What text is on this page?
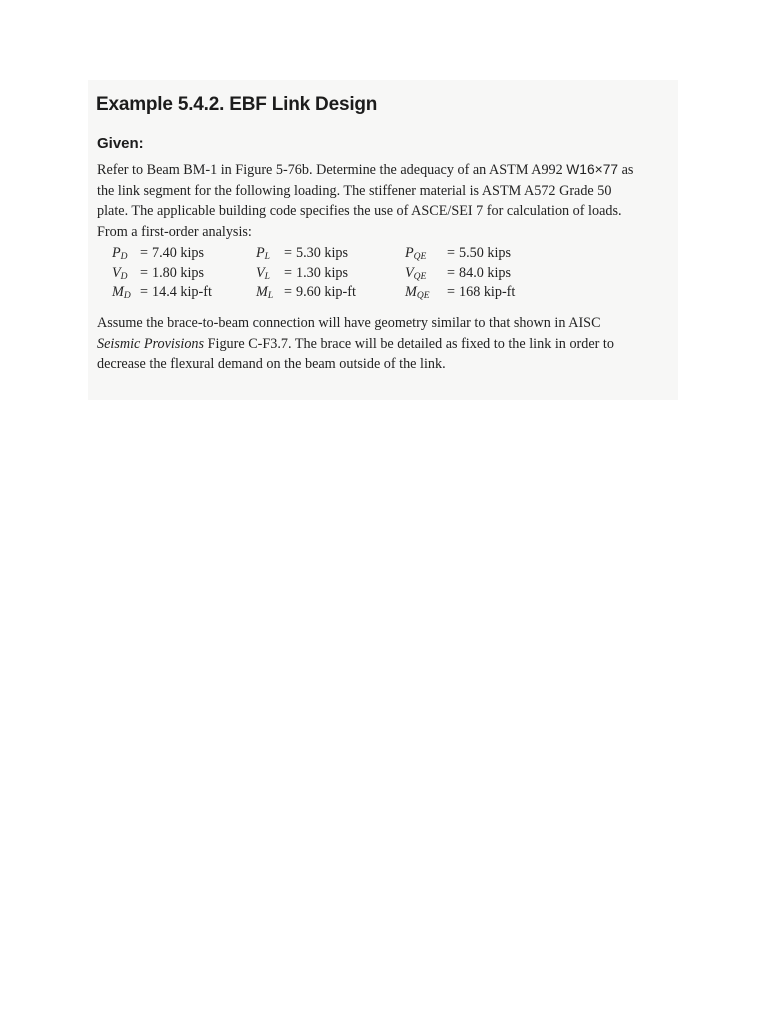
Example 5.4.2. EBF Link Design
Given:

Refer to Beam BM-1 in Figure 5-76b. Determine the adequacy of an ASTM A992 W16×77 as the link segment for the following loading. The stiffener material is ASTM A572 Grade 50 plate. The applicable building code specifies the use of ASCE/SEI 7 for calculation of loads. From a first-order analysis:

$P_D = 7.40$ kips
$V_D = 1.80$ kips
$M_D = 14.4$ kip-ft
$P_L = 5.30$ kips
$V_L = 1.30$ kips
$M_L = 9.60$ kip-ft
$P_{QE} = 5.50$ kips
$V_{QE} = 84.0$ kips
$M_{QE} = 168$ kip-ft

Assume the brace-to-beam connection will have geometry similar to that shown in AISC Seismic Provisions Figure C-F3.7. The brace will be detailed as fixed to the link in order to decrease the flexural demand on the beam outside of the link.
